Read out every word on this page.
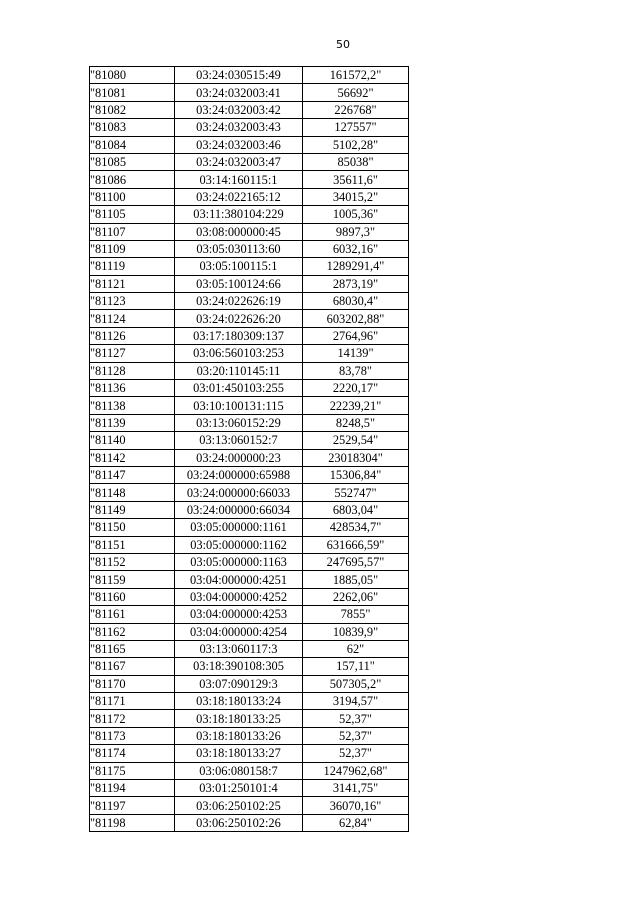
50
"81080	03:24:030515:49	161572,2"
"81081	03:24:032003:41	56692"
"81082	03:24:032003:42	226768"
"81083	03:24:032003:43	127557"
"81084	03:24:032003:46	5102,28"
"81085	03:24:032003:47	85038"
"81086	03:14:160115:1	35611,6"
"81100	03:24:022165:12	34015,2"
"81105	03:11:380104:229	1005,36"
"81107	03:08:000000:45	9897,3"
"81109	03:05:030113:60	6032,16"
"81119	03:05:100115:1	1289291,4"
"81121	03:05:100124:66	2873,19"
"81123	03:24:022626:19	68030,4"
"81124	03:24:022626:20	603202,88"
"81126	03:17:180309:137	2764,96"
"81127	03:06:560103:253	14139"
"81128	03:20:110145:11	83,78"
"81136	03:01:450103:255	2220,17"
"81138	03:10:100131:115	22239,21"
"81139	03:13:060152:29	8248,5"
"81140	03:13:060152:7	2529,54"
"81142	03:24:000000:23	23018304"
"81147	03:24:000000:65988	15306,84"
"81148	03:24:000000:66033	552747"
"81149	03:24:000000:66034	6803,04"
"81150	03:05:000000:1161	428534,7"
"81151	03:05:000000:1162	631666,59"
"81152	03:05:000000:1163	247695,57"
"81159	03:04:000000:4251	1885,05"
"81160	03:04:000000:4252	2262,06"
"81161	03:04:000000:4253	7855"
"81162	03:04:000000:4254	10839,9"
"81165	03:13:060117:3	62"
"81167	03:18:390108:305	157,11"
"81170	03:07:090129:3	507305,2"
"81171	03:18:180133:24	3194,57"
"81172	03:18:180133:25	52,37"
"81173	03:18:180133:26	52,37"
"81174	03:18:180133:27	52,37"
"81175	03:06:080158:7	1247962,68"
"81194	03:01:250101:4	3141,75"
"81197	03:06:250102:25	36070,16"
"81198	03:06:250102:26	62,84"
